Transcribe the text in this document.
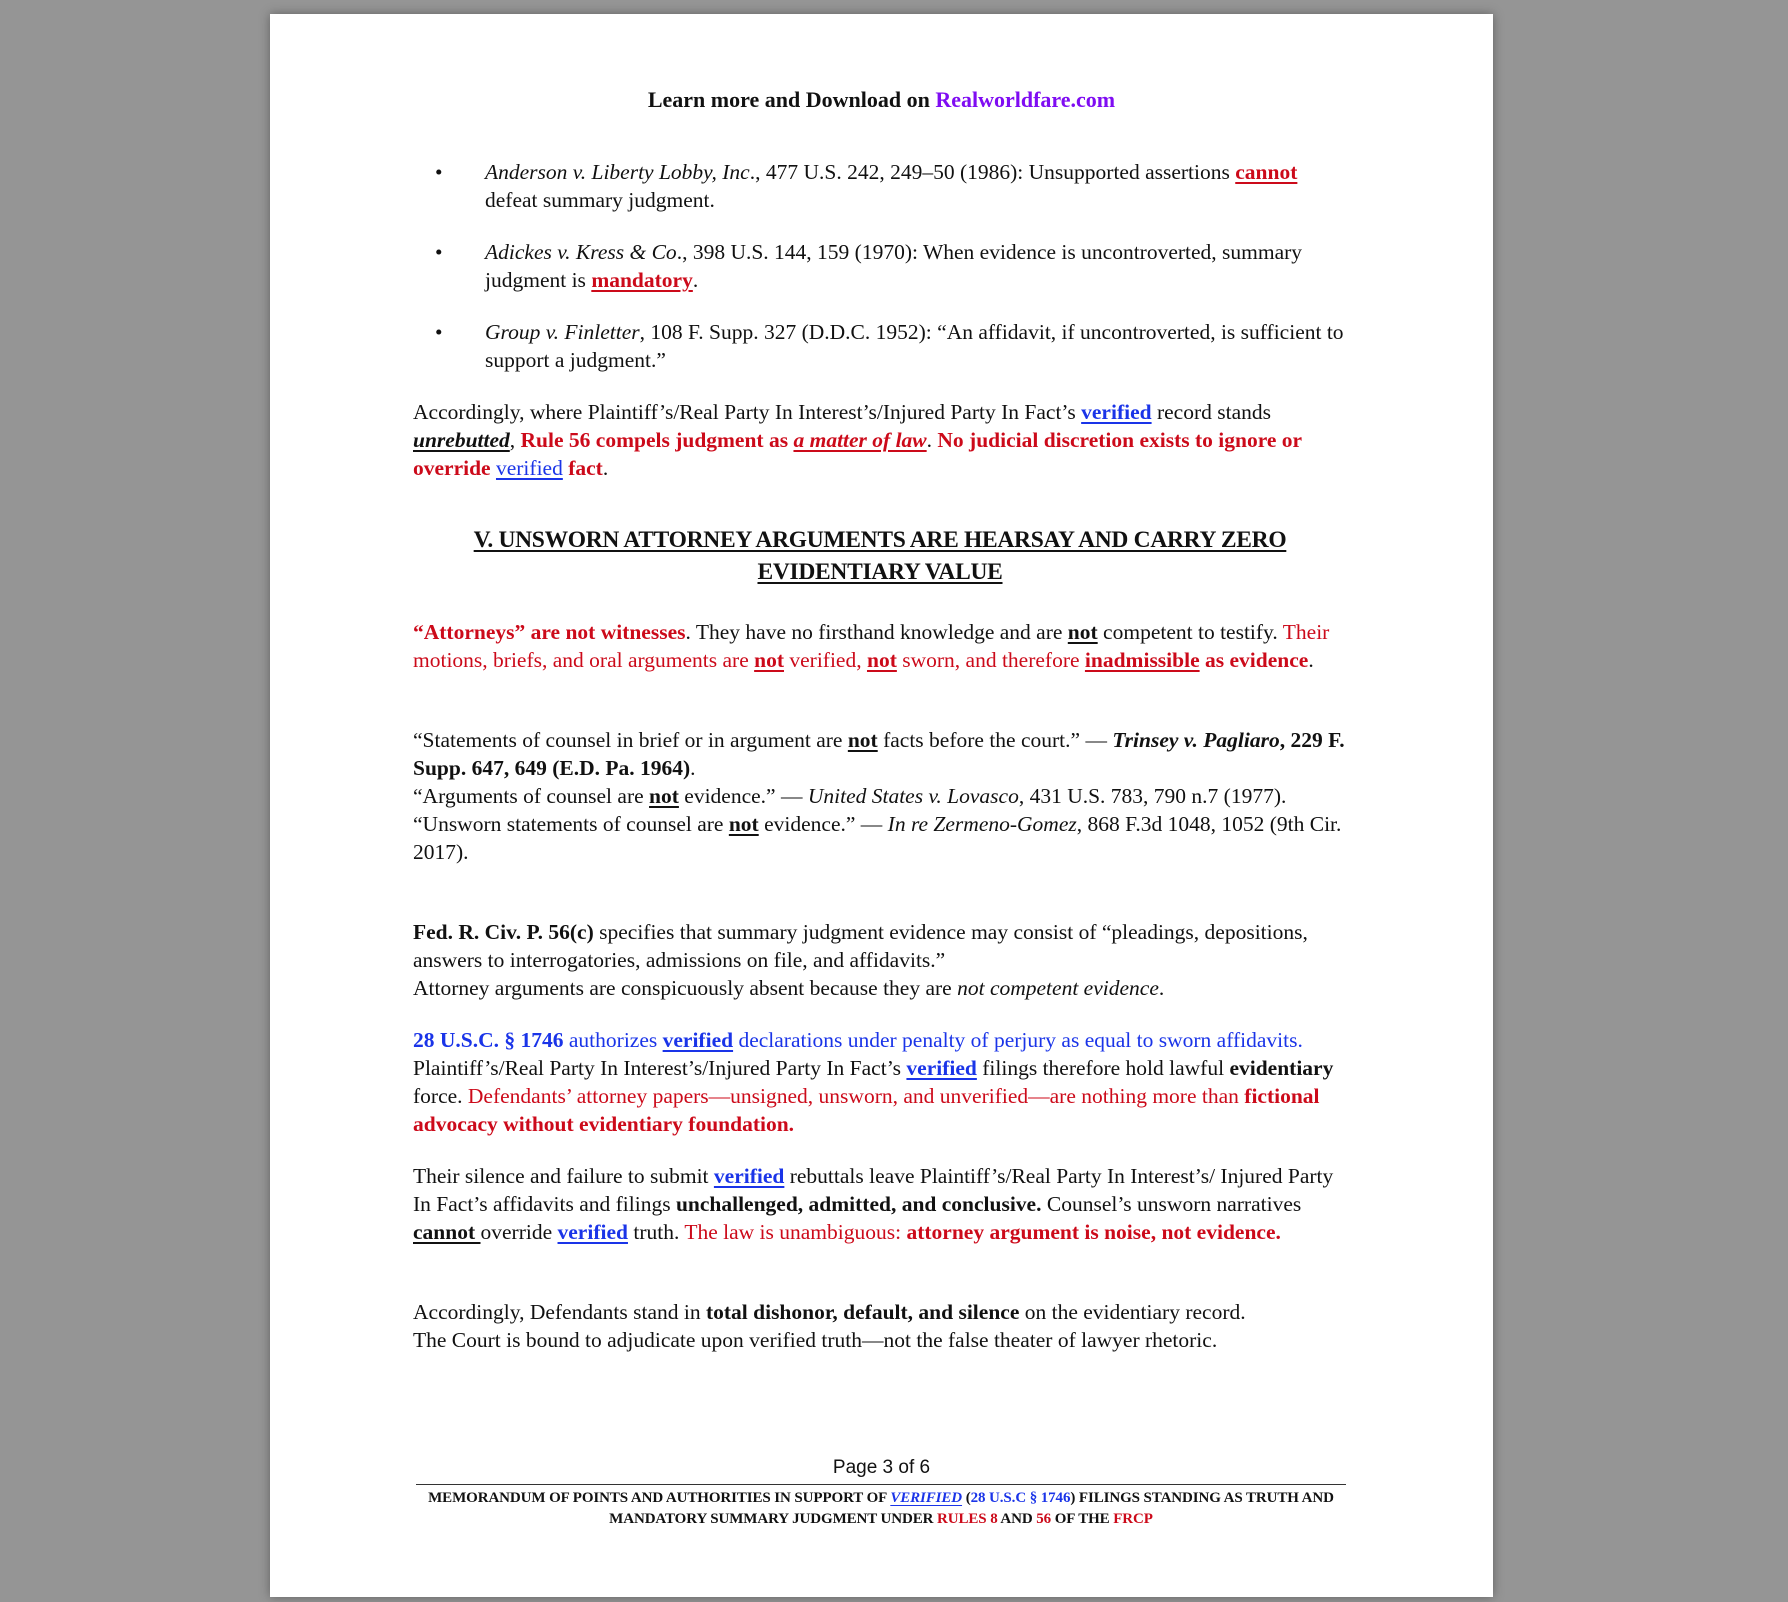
Learn more and Download on Realworldfare.com
• Anderson v. Liberty Lobby, Inc., 477 U.S. 242, 249–50 (1986): Unsupported assertions cannot defeat summary judgment.
• Adickes v. Kress & Co., 398 U.S. 144, 159 (1970): When evidence is uncontroverted, summary judgment is mandatory.
• Group v. Finletter, 108 F. Supp. 327 (D.D.C. 1952): “An affidavit, if uncontroverted, is sufficient to support a judgment.”
Accordingly, where Plaintiff’s/Real Party In Interest’s/Injured Party In Fact’s verified record stands unrebutted, Rule 56 compels judgment as a matter of law. No judicial discretion exists to ignore or override verified fact.
V. UNSWORN ATTORNEY ARGUMENTS ARE HEARSAY AND CARRY ZERO EVIDENTIARY VALUE
“Attorneys” are not witnesses. They have no firsthand knowledge and are not competent to testify. Their motions, briefs, and oral arguments are not verified, not sworn, and therefore inadmissible as evidence.
“Statements of counsel in brief or in argument are not facts before the court.” — Trinsey v. Pagliaro, 229 F. Supp. 647, 649 (E.D. Pa. 1964).
“Arguments of counsel are not evidence.” — United States v. Lovasco, 431 U.S. 783, 790 n.7 (1977).
“Unsworn statements of counsel are not evidence.” — In re Zermeno-Gomez, 868 F.3d 1048, 1052 (9th Cir. 2017).
Fed. R. Civ. P. 56(c) specifies that summary judgment evidence may consist of “pleadings, depositions, answers to interrogatories, admissions on file, and affidavits.”
Attorney arguments are conspicuously absent because they are not competent evidence.
28 U.S.C. § 1746 authorizes verified declarations under penalty of perjury as equal to sworn affidavits. Plaintiff’s/Real Party In Interest’s/Injured Party In Fact’s verified filings therefore hold lawful evidentiary force. Defendants’ attorney papers—unsigned, unsworn, and unverified—are nothing more than fictional advocacy without evidentiary foundation.
Their silence and failure to submit verified rebuttals leave Plaintiff’s/Real Party In Interest’s/ Injured Party In Fact’s affidavits and filings unchallenged, admitted, and conclusive. Counsel’s unsworn narratives cannot override verified truth. The law is unambiguous: attorney argument is noise, not evidence.
Accordingly, Defendants stand in total dishonor, default, and silence on the evidentiary record.
The Court is bound to adjudicate upon verified truth—not the false theater of lawyer rhetoric.
Page 3 of 6
MEMORANDUM OF POINTS AND AUTHORITIES IN SUPPORT OF VERIFIED (28 U.S.C § 1746) FILINGS STANDING AS TRUTH AND MANDATORY SUMMARY JUDGMENT UNDER RULES 8 AND 56 OF THE FRCP
